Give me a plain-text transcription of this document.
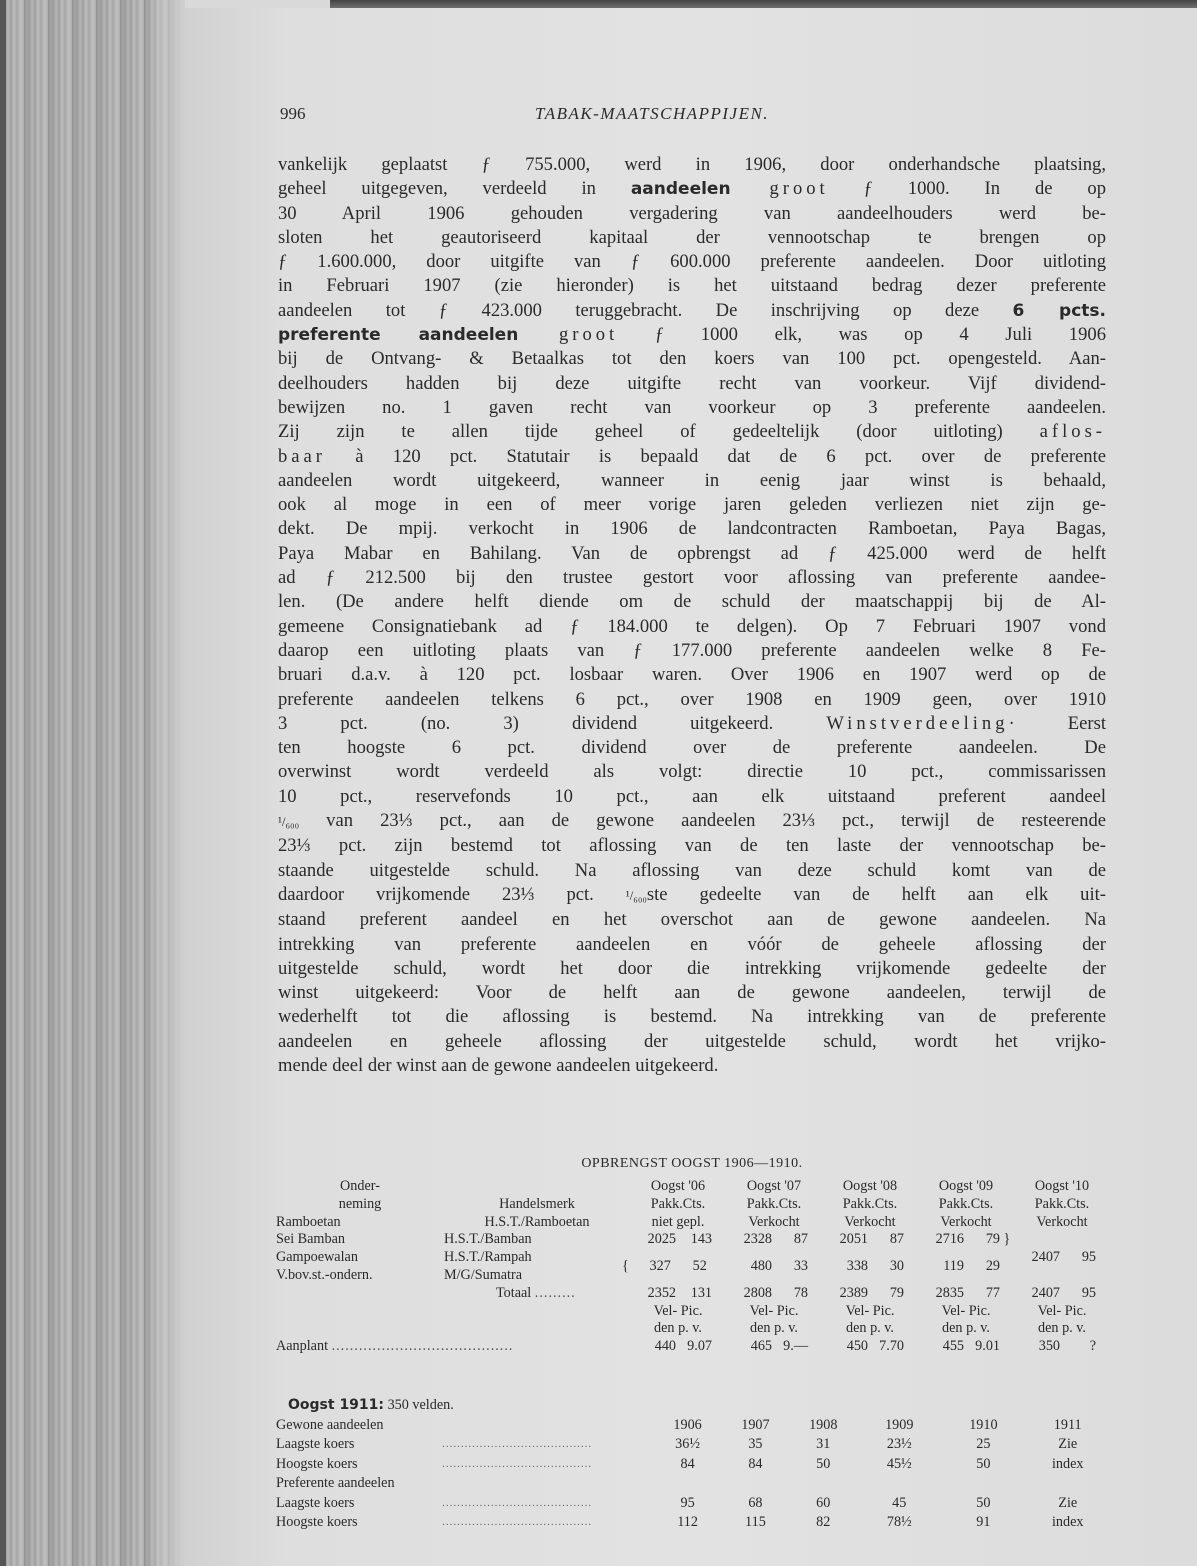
996	TABAK-MAATSCHAPPIJEN.
vankelijk geplaatst ƒ 755.000, werd in 1906, door onderhandsche plaatsing,
geheel uitgegeven, verdeeld in aandeelen groot ƒ 1000. In de op
30 April 1906 gehouden vergadering van aandeelhouders werd be-
sloten het geautoriseerd kapitaal der vennootschap te brengen op
ƒ 1.600.000, door uitgifte van ƒ 600.000 preferente aandeelen. Door uitloting
in Februari 1907 (zie hieronder) is het uitstaand bedrag dezer preferente
aandeelen tot ƒ 423.000 teruggebracht. De inschrijving op deze 6 pcts.
preferente aandeelen groot ƒ 1000 elk, was op 4 Juli 1906
bij de Ontvang- & Betaalkas tot den koers van 100 pct. opengesteld. Aan-
deelhouders hadden bij deze uitgifte recht van voorkeur. Vijf dividend-
bewijzen no. 1 gaven recht van voorkeur op 3 preferente aandeelen.
Zij zijn te allen tijde geheel of gedeeltelijk (door uitloting) aflos-
baar à 120 pct. Statutair is bepaald dat de 6 pct. over de preferente
aandeelen wordt uitgekeerd, wanneer in eenig jaar winst is behaald,
ook al moge in een of meer vorige jaren geleden verliezen niet zijn ge-
dekt. De mpij. verkocht in 1906 de landcontracten Ramboetan, Paya Bagas,
Paya Mabar en Bahilang. Van de opbrengst ad ƒ 425.000 werd de helft
ad ƒ 212.500 bij den trustee gestort voor aflossing van preferente aandee-
len. (De andere helft diende om de schuld der maatschappij bij de Al-
gemeene Consignatiebank ad ƒ 184.000 te delgen). Op 7 Februari 1907 vond
daarop een uitloting plaats van ƒ 177.000 preferente aandeelen welke 8 Fe-
bruari d.a.v. à 120 pct. losbaar waren. Over 1906 en 1907 werd op de
preferente aandeelen telkens 6 pct., over 1908 en 1909 geen, over 1910
3 pct. (no. 3) dividend uitgekeerd. Winstverdeeling· Eerst
ten hoogste 6 pct. dividend over de preferente aandeelen. De
overwinst wordt verdeeld als volgt: directie 10 pct., commissarissen
10 pct., reservefonds 10 pct., aan elk uitstaand preferent aandeel
¹/₆₀₀ van 23⅓ pct., aan de gewone aandeelen 23⅓ pct., terwijl de resteerende
23⅓ pct. zijn bestemd tot aflossing van de ten laste der vennootschap be-
staande uitgestelde schuld. Na aflossing van deze schuld komt van de
daardoor vrijkomende 23⅓ pct. ¹/₆₀₀ste gedeelte van de helft aan elk uit-
staand preferent aandeel en het overschot aan de gewone aandeelen. Na
intrekking van preferente aandeelen en vóór de geheele aflossing der
uitgestelde schuld, wordt het door die intrekking vrijkomende gedeelte der
winst uitgekeerd: Voor de helft aan de gewone aandeelen, terwijl de
wederhelft tot die aflossing is bestemd. Na intrekking van de preferente
aandeelen en geheele aflossing der uitgestelde schuld, wordt het vrijko-
mende deel der winst aan de gewone aandeelen uitgekeerd.
OPBRENGST OOGST 1906—1910.
Onder-		Oogst '06	Oogst '07	Oogst '08	Oogst '09	Oogst '10
neming	Handelsmerk	Pakk.Cts.	Pakk.Cts.	Pakk.Cts.	Pakk.Cts.	Pakk.Cts.
Ramboetan	H.S.T./Ramboetan	niet gepl.	Verkocht	Verkocht	Verkocht	Verkocht
Sei Bamban	H.S.T./Bamban	2025 143	2328 87	2051 87	2716 79 }	2407 95
Gampoewalan	H.S.T./Rampah	{ 327 52	480 33	338 30	119 29	
V.bov.st.-ondern.	M/G/Sumatra					
	Totaal .........	2352 131	2808 78	2389 79	2835 77	2407 95
		Vel- Pic.	Vel- Pic.	Vel- Pic.	Vel- Pic.	Vel- Pic.
		den p. v.	den p. v.	den p. v.	den p. v.	den p. v.
Aanplant ........................................		440 9.07	465 9.—	450 7.70	455 9.01	350 ?
Oogst 1911: 350 velden.							
Gewone aandeelen		1906	1907	1908	1909	1910	1911
Laagste koers	........................................	36½	35	31	23½	25	Zie
Hoogste koers	........................................	84	84	50	45½	50	index
Preferente aandeelen							
Laagste koers	........................................	95	68	60	45	50	Zie
Hoogste koers	........................................	112	115	82	78½	91	index
